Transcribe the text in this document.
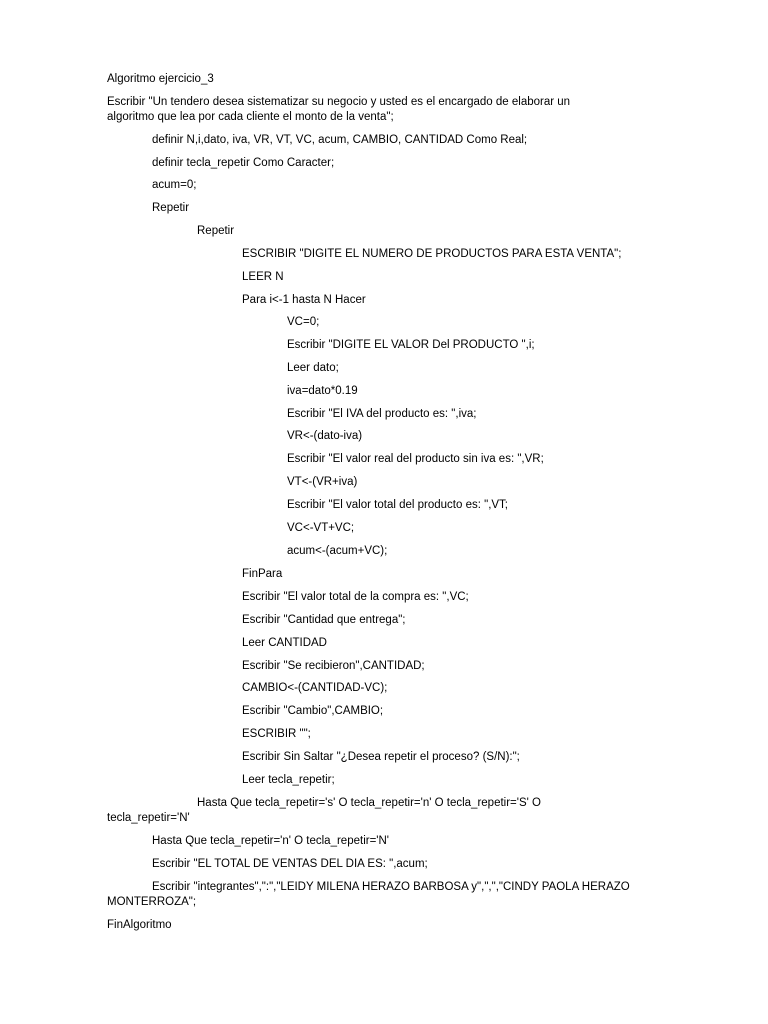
Algoritmo ejercicio_3
Escribir "Un tendero desea sistematizar su negocio y usted es el encargado de elaborar un
algoritmo que lea por cada cliente el monto de la venta";
definir N,i,dato, iva, VR, VT, VC, acum, CAMBIO, CANTIDAD Como Real;
definir tecla_repetir Como Caracter;
acum=0;
Repetir
Repetir
ESCRIBIR "DIGITE EL NUMERO DE PRODUCTOS PARA ESTA VENTA";
LEER N
Para i<-1 hasta N Hacer
VC=0;
Escribir "DIGITE EL VALOR Del PRODUCTO ",i;
Leer dato;
iva=dato*0.19
Escribir "El IVA del producto es: ",iva;
VR<-(dato-iva)
Escribir "El valor real del producto sin iva es: ",VR;
VT<-(VR+iva)
Escribir "El valor total del producto es: ",VT;
VC<-VT+VC;
acum<-(acum+VC);
FinPara
Escribir "El valor total de la compra es: ",VC;
Escribir "Cantidad que entrega";
Leer CANTIDAD
Escribir "Se recibieron",CANTIDAD;
CAMBIO<-(CANTIDAD-VC);
Escribir "Cambio",CAMBIO;
ESCRIBIR "";
Escribir Sin Saltar "¿Desea repetir el proceso? (S/N):";
Leer tecla_repetir;
Hasta Que tecla_repetir='s' O tecla_repetir='n' O tecla_repetir='S' O
tecla_repetir='N'
Hasta Que tecla_repetir='n' O tecla_repetir='N'
Escribir "EL TOTAL DE VENTAS DEL DIA ES: ",acum;
Escribir "integrantes",":","LEIDY MILENA HERAZO BARBOSA y",",","CINDY PAOLA HERAZO
MONTERROZA";
FinAlgoritmo
